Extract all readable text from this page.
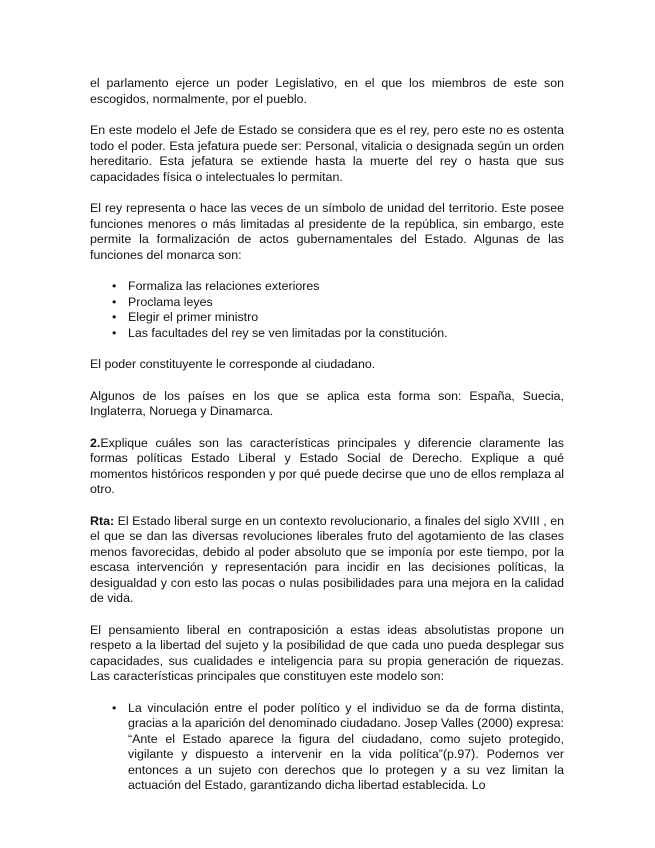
el parlamento ejerce un poder Legislativo, en el que los miembros de este son escogidos, normalmente, por el pueblo.

En este modelo el Jefe de Estado se considera que es el rey, pero este no es ostenta todo el poder. Esta jefatura puede ser: Personal, vitalicia o designada según un orden hereditario. Esta jefatura se extiende hasta la muerte del rey o hasta que sus capacidades física o intelectuales lo permitan.

El rey representa o hace las veces de un símbolo de unidad del territorio. Este posee funciones menores o más limitadas al presidente de la república, sin embargo, este permite la formalización de actos gubernamentales del Estado. Algunas de las funciones del monarca son:

• Formaliza las relaciones exteriores
• Proclama leyes
• Elegir el primer ministro
• Las facultades del rey se ven limitadas por la constitución.

El poder constituyente le corresponde al ciudadano.

Algunos de los países en los que se aplica esta forma son: España, Suecia, Inglaterra, Noruega y Dinamarca.

2.Explique cuáles son las características principales y diferencie claramente las formas políticas Estado Liberal y Estado Social de Derecho. Explique a qué momentos históricos responden y por qué puede decirse que uno de ellos remplaza al otro.

Rta: El Estado liberal surge en un contexto revolucionario, a finales del siglo XVIII , en el que se dan las diversas revoluciones liberales fruto del agotamiento de las clases menos favorecidas, debido al poder absoluto que se imponía por este tiempo, por la escasa intervención y representación para incidir en las decisiones políticas, la desigualdad y con esto las pocas o nulas posibilidades para una mejora en la calidad de vida.

El pensamiento liberal en contraposición a estas ideas absolutistas propone un respeto a la libertad del sujeto y la posibilidad de que cada uno pueda desplegar sus capacidades, sus cualidades e inteligencia para su propia generación de riquezas. Las características principales que constituyen este modelo son:

• La vinculación entre el poder político y el individuo se da de forma distinta, gracias a la aparición del denominado ciudadano. Josep Valles (2000) expresa: “Ante el Estado aparece la figura del ciudadano, como sujeto protegido, vigilante y dispuesto a intervenir en la vida política”(p.97). Podemos ver entonces a un sujeto con derechos que lo protegen y a su vez limitan la actuación del Estado, garantizando dicha libertad establecida. Lo
